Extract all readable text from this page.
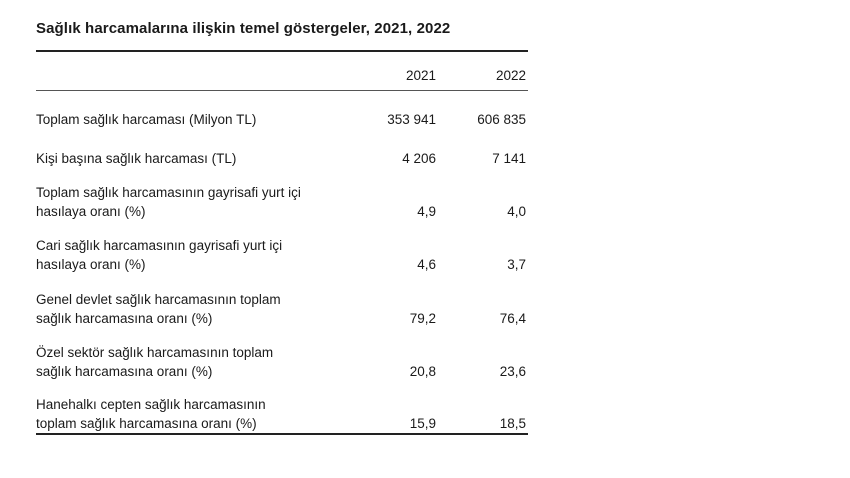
Sağlık harcamalarına ilişkin temel göstergeler, 2021, 2022
2021	2022
Toplam sağlık harcaması (Milyon TL)	353 941	606 835
Kişi başına sağlık harcaması (TL)	4 206	7 141
Toplam sağlık harcamasının gayrisafi yurt içi
hasılaya oranı (%)	4,9	4,0
Cari sağlık harcamasının gayrisafi yurt içi
hasılaya oranı (%)	4,6	3,7
Genel devlet sağlık harcamasının toplam
sağlık harcamasına oranı (%)	79,2	76,4
Özel sektör sağlık harcamasının toplam
sağlık harcamasına oranı (%)	20,8	23,6
Hanehalkı cepten sağlık harcamasının
toplam sağlık harcamasına oranı (%)	15,9	18,5
